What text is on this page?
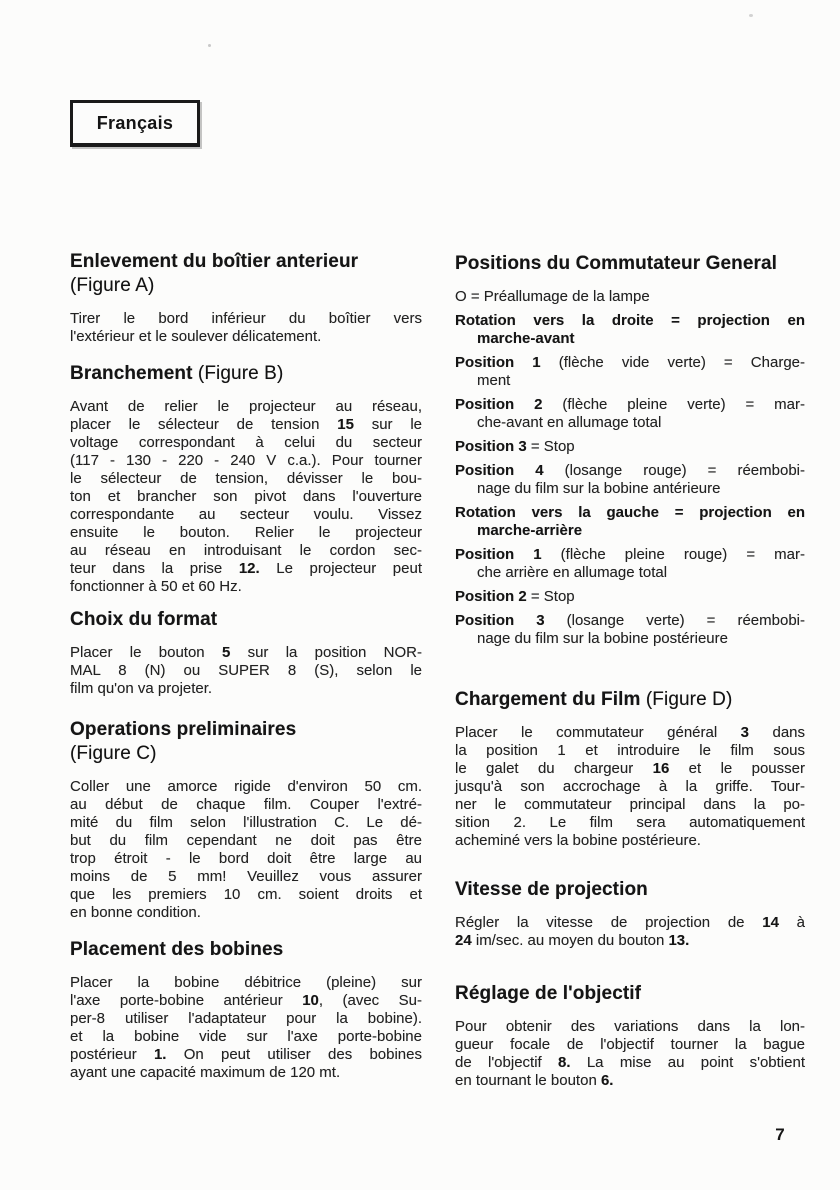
Français
Enlevement du boîtier anterieur
(Figure A)
Tirer le bord inférieur du boîtier vers
l'extérieur et le soulever délicatement.
Branchement (Figure B)
Avant de relier le projecteur au réseau,
placer le sélecteur de tension 15 sur le
voltage correspondant à celui du secteur
(117 - 130 - 220 - 240 V c.a.). Pour tourner
le sélecteur de tension, dévisser le bou-
ton et brancher son pivot dans l'ouverture
correspondante au secteur voulu. Vissez
ensuite le bouton. Relier le projecteur
au réseau en introduisant le cordon sec-
teur dans la prise 12. Le projecteur peut
fonctionner à 50 et 60 Hz.
Choix du format
Placer le bouton 5 sur la position NOR-
MAL 8 (N) ou SUPER 8 (S), selon le
film qu'on va projeter.
Operations preliminaires
(Figure C)
Coller une amorce rigide d'environ 50 cm.
au début de chaque film. Couper l'extré-
mité du film selon l'illustration C. Le dé-
but du film cependant ne doit pas être
trop étroit - le bord doit être large au
moins de 5 mm! Veuillez vous assurer
que les premiers 10 cm. soient droits et
en bonne condition.
Placement des bobines
Placer la bobine débitrice (pleine) sur
l'axe porte-bobine antérieur 10, (avec Su-
per-8 utiliser l'adaptateur pour la bobine).
et la bobine vide sur l'axe porte-bobine
postérieur 1. On peut utiliser des bobines
ayant une capacité maximum de 120 mt.
Positions du Commutateur General
O = Préallumage de la lampe
Rotation vers la droite = projection en
marche-avant
Position 1 (flèche vide verte) = Charge-
ment
Position 2 (flèche pleine verte) = mar-
che-avant en allumage total
Position 3 = Stop
Position 4 (losange rouge) = réembobi-
nage du film sur la bobine antérieure
Rotation vers la gauche = projection en
marche-arrière
Position 1 (flèche pleine rouge) = mar-
che arrière en allumage total
Position 2 = Stop
Position 3 (losange verte) = réembobi-
nage du film sur la bobine postérieure
Chargement du Film (Figure D)
Placer le commutateur général 3 dans
la position 1 et introduire le film sous
le galet du chargeur 16 et le pousser
jusqu'à son accrochage à la griffe. Tour-
ner le commutateur principal dans la po-
sition 2. Le film sera automatiquement
acheminé vers la bobine postérieure.
Vitesse de projection
Régler la vitesse de projection de 14 à
24 im/sec. au moyen du bouton 13.
Réglage de l'objectif
Pour obtenir des variations dans la lon-
gueur focale de l'objectif tourner la bague
de l'objectif 8. La mise au point s'obtient
en tournant le bouton 6.
7
